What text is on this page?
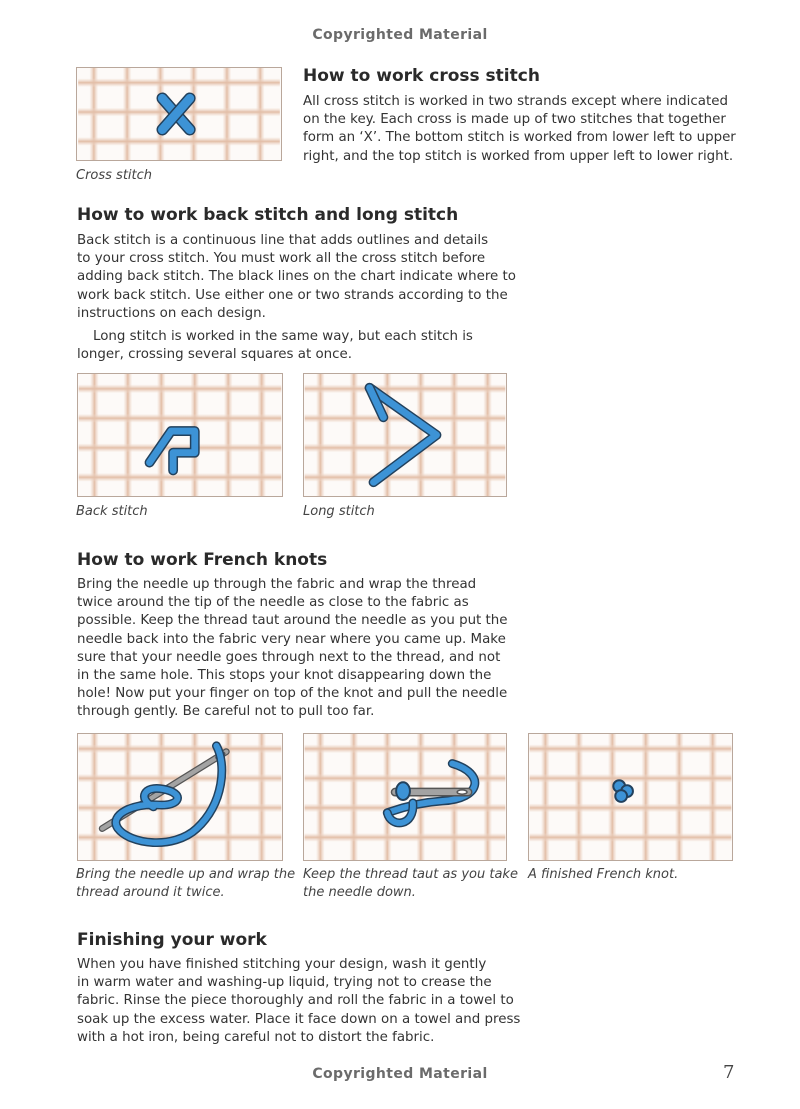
Copyrighted Material
Cross stitch
How to work cross stitch
All cross stitch is worked in two strands except where indicated
on the key. Each cross is made up of two stitches that together
form an ‘X’. The bottom stitch is worked from lower left to upper
right, and the top stitch is worked from upper left to lower right.
How to work back stitch and long stitch
Back stitch is a continuous line that adds outlines and details
to your cross stitch. You must work all the cross stitch before
adding back stitch. The black lines on the chart indicate where to
work back stitch. Use either one or two strands according to the
instructions on each design.
Long stitch is worked in the same way, but each stitch is
longer, crossing several squares at once.
Back stitch	Long stitch
How to work French knots
Bring the needle up through the fabric and wrap the thread
twice around the tip of the needle as close to the fabric as
possible. Keep the thread taut around the needle as you put the
needle back into the fabric very near where you came up. Make
sure that your needle goes through next to the thread, and not
in the same hole. This stops your knot disappearing down the
hole! Now put your finger on top of the knot and pull the needle
through gently. Be careful not to pull too far.
Bring the needle up and wrap the
thread around it twice.
Keep the thread taut as you take
the needle down.
A finished French knot.
Finishing your work
When you have finished stitching your design, wash it gently
in warm water and washing-up liquid, trying not to crease the
fabric. Rinse the piece thoroughly and roll the fabric in a towel to
soak up the excess water. Place it face down on a towel and press
with a hot iron, being careful not to distort the fabric.
Copyrighted Material	7
